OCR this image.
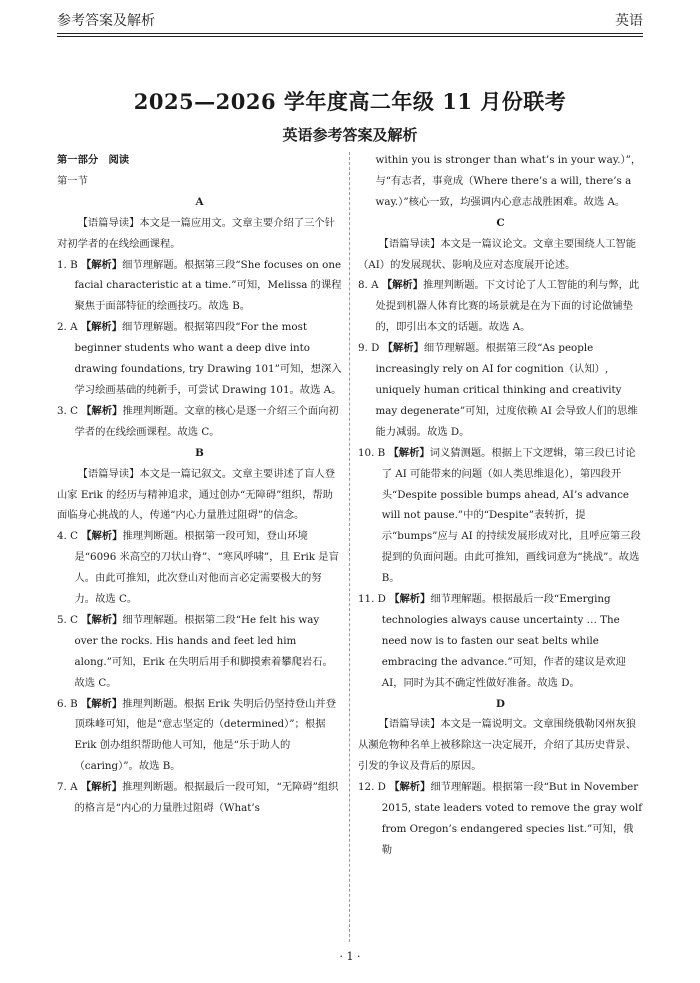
参考答案及解析	英语
2025—2026 学年度高二年级 11 月份联考
英语参考答案及解析

第一部分　阅读

第一节

A

【语篇导读】本文是一篇应用文。文章主要介绍了三个针对初学者的在线绘画课程。

1. B 【解析】细节理解题。根据第三段“She focuses on one facial characteristic at a time.”可知，Melissa 的课程聚焦于面部特征的绘画技巧。故选 B。

2. A 【解析】细节理解题。根据第四段“For the most beginner students who want a deep dive into drawing foundations, try Drawing 101”可知，想深入学习绘画基础的纯新手，可尝试 Drawing 101。故选 A。

3. C 【解析】推理判断题。文章的核心是逐一介绍三个面向初学者的在线绘画课程。故选 C。

B

【语篇导读】本文是一篇记叙文。文章主要讲述了盲人登山家 Erik 的经历与精神追求，通过创办“无障碍”组织，帮助面临身心挑战的人，传递“内心力量胜过阻碍”的信念。

4. C 【解析】推理判断题。根据第一段可知，登山环境是“6096 米高空的刀状山脊”、“寒风呼啸”，且 Erik 是盲人。由此可推知，此次登山对他而言必定需要极大的努力。故选 C。

5. C 【解析】细节理解题。根据第二段“He felt his way over the rocks. His hands and feet led him along.”可知，Erik 在失明后用手和脚摸索着攀爬岩石。故选 C。

6. B 【解析】推理判断题。根据 Erik 失明后仍坚持登山并登顶珠峰可知，他是“意志坚定的（determined）”；根据 Erik 创办组织帮助他人可知，他是“乐于助人的（caring）”。故选 B。

7. A 【解析】推理判断题。根据最后一段可知，“无障碍”组织的格言是“内心的力量胜过阻碍（What’s

within you is stronger than what’s in your way.）”，与“有志者，事竟成（Where there’s a will, there’s a way.）”核心一致，均强调内心意志战胜困难。故选 A。

C

【语篇导读】本文是一篇议论文。文章主要围绕人工智能（AI）的发展现状、影响及应对态度展开论述。

8. A 【解析】推理判断题。下文讨论了人工智能的利与弊，此处提到机器人体育比赛的场景就是在为下面的讨论做铺垫的，即引出本文的话题。故选 A。

9. D 【解析】细节理解题。根据第三段“As people increasingly rely on AI for cognition（认知）, uniquely human critical thinking and creativity may degenerate”可知，过度依赖 AI 会导致人们的思维能力减弱。故选 D。

10. B 【解析】词义猜测题。根据上下文逻辑，第三段已讨论了 AI 可能带来的问题（如人类思维退化），第四段开头“Despite possible bumps ahead, AI’s advance will not pause.”中的“Despite”表转折，提示“bumps”应与 AI 的持续发展形成对比，且呼应第三段提到的负面问题。由此可推知，画线词意为“挑战”。故选 B。

11. D 【解析】细节理解题。根据最后一段“Emerging technologies always cause uncertainty … The need now is to fasten our seat belts while embracing the advance.”可知，作者的建议是欢迎 AI，同时为其不确定性做好准备。故选 D。

D

【语篇导读】本文是一篇说明文。文章围绕俄勒冈州灰狼从濒危物种名单上被移除这一决定展开，介绍了其历史背景、引发的争议及背后的原因。

12. D 【解析】细节理解题。根据第一段“But in November 2015, state leaders voted to remove the gray wolf from Oregon’s endangered species list.”可知，俄勒

· 1 ·
